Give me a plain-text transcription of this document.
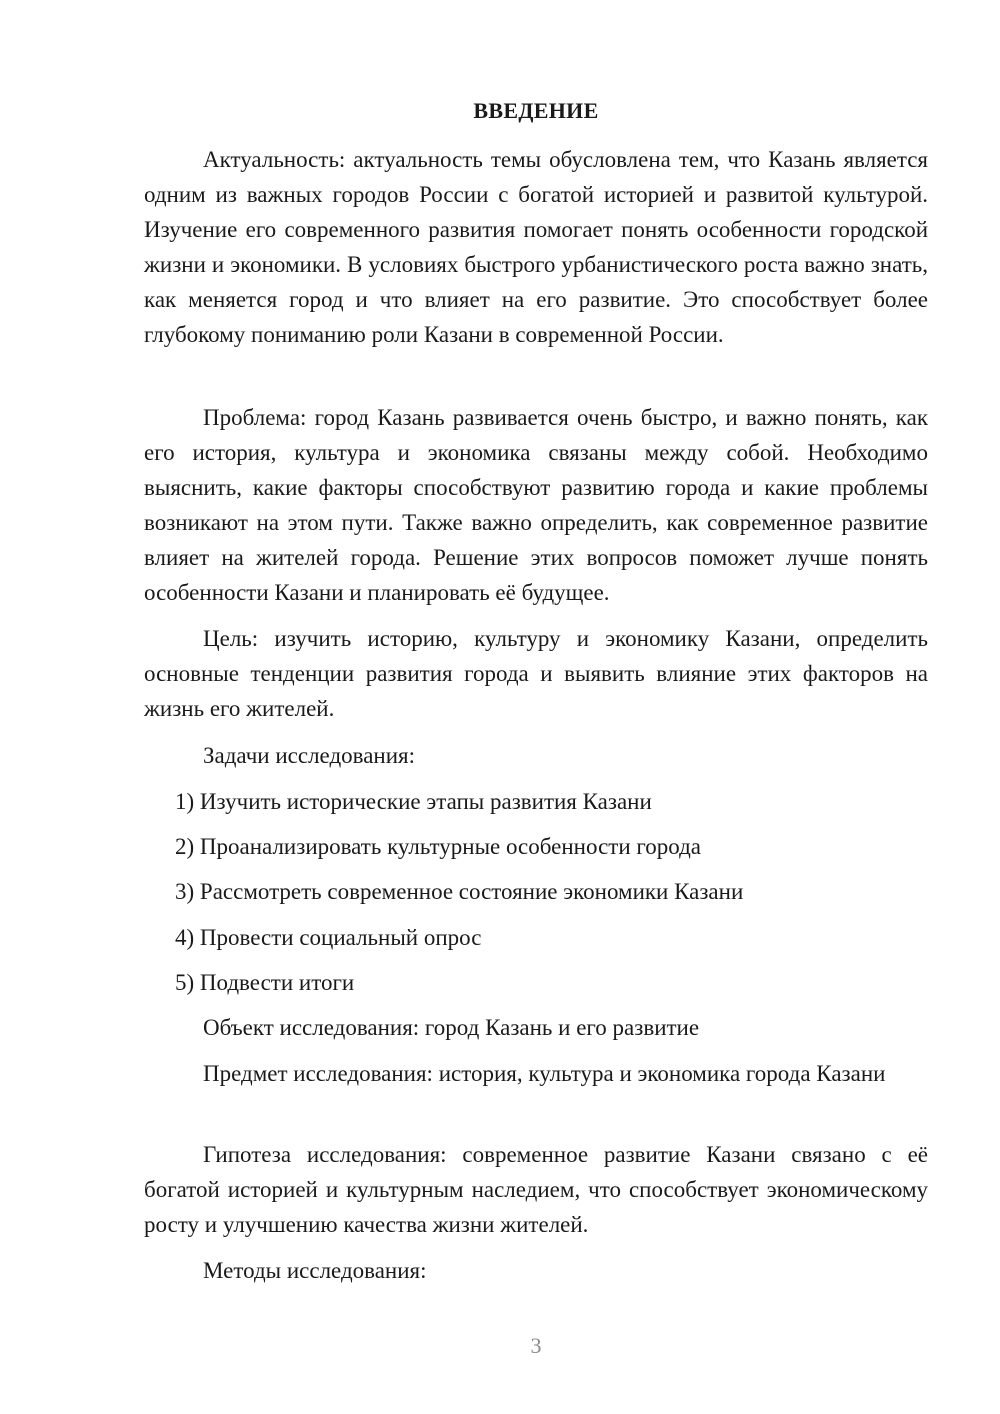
ВВЕДЕНИЕ

Актуальность: актуальность темы обусловлена тем, что Казань является одним из важных городов России с богатой историей и развитой культурой. Изучение его современного развития помогает понять особенности городской жизни и экономики. В условиях быстрого урбанистического роста важно знать, как меняется город и что влияет на его развитие. Это способствует более глубокому пониманию роли Казани в современной России.

Проблема: город Казань развивается очень быстро, и важно понять, как его история, культура и экономика связаны между собой. Необходимо выяснить, какие факторы способствуют развитию города и какие проблемы возникают на этом пути. Также важно определить, как современное развитие влияет на жителей города. Решение этих вопросов поможет лучше понять особенности Казани и планировать её будущее.

Цель: изучить историю, культуру и экономику Казани, определить основные тенденции развития города и выявить влияние этих факторов на жизнь его жителей.

Задачи исследования:

1) Изучить исторические этапы развития Казани

2) Проанализировать культурные особенности города

3) Рассмотреть современное состояние экономики Казани

4) Провести социальный опрос

5) Подвести итоги

Объект исследования: город Казань и его развитие

Предмет исследования: история, культура и экономика города Казани

Гипотеза исследования: современное развитие Казани связано с её богатой историей и культурным наследием, что способствует экономическому росту и улучшению качества жизни жителей.

Методы исследования:

3
